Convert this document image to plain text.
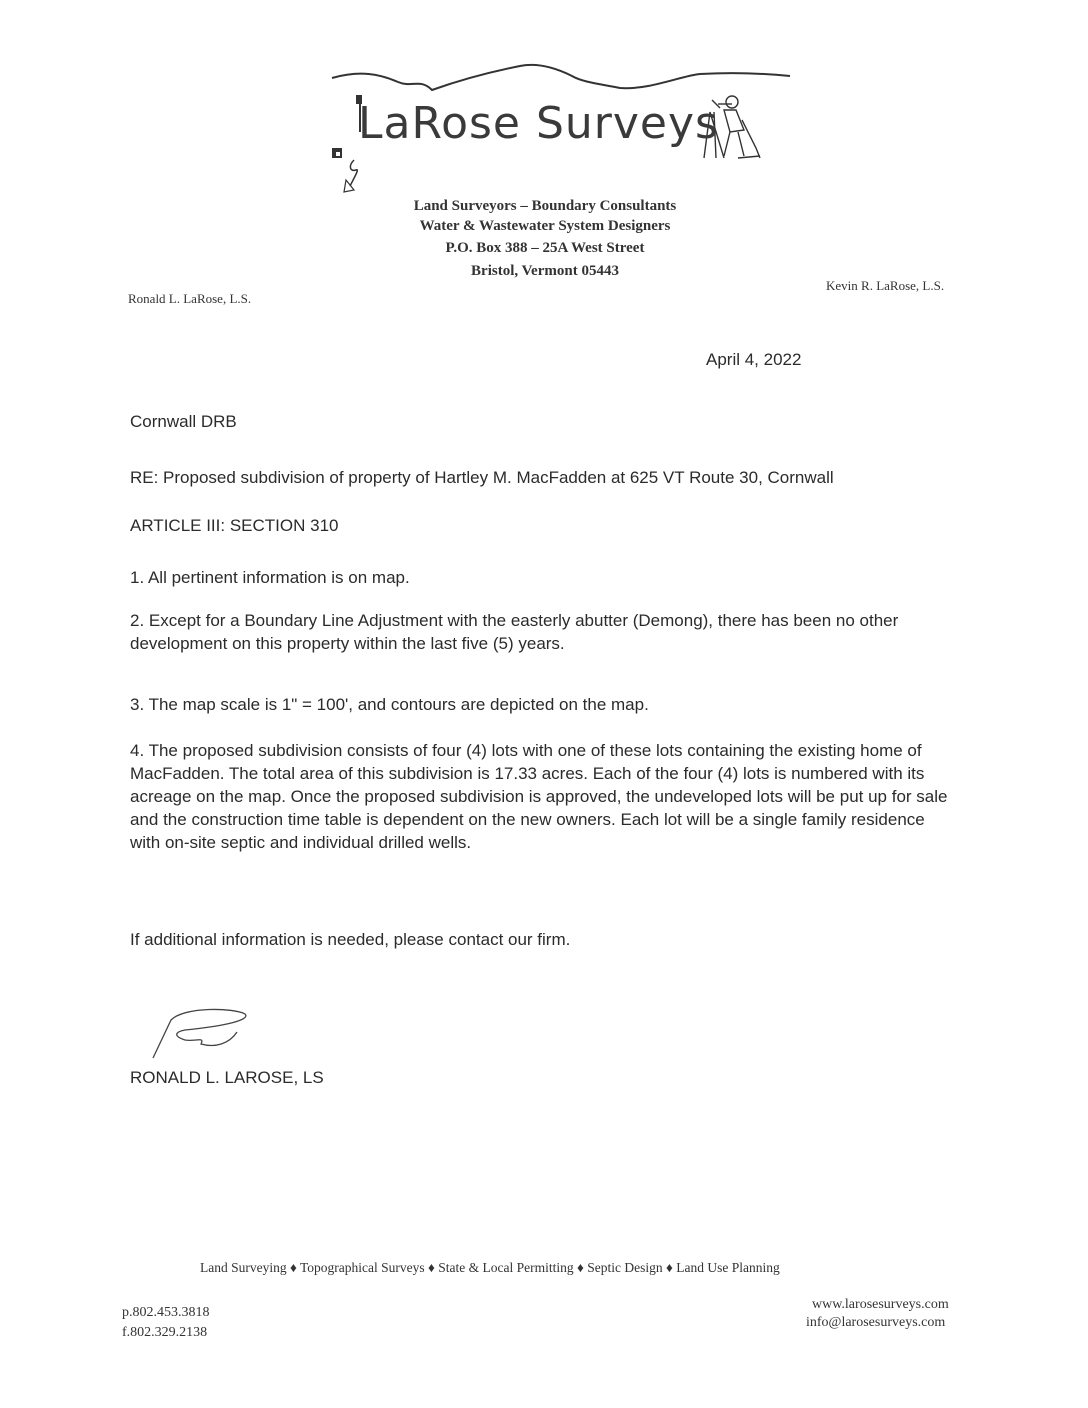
LaRose Surveys
Land Surveyors – Boundary Consultants
Water & Wastewater System Designers
P.O. Box 388 – 25A West Street
Bristol, Vermont 05443
Ronald L. LaRose, L.S.
Kevin R. LaRose, L.S.
April 4, 2022
Cornwall DRB
RE: Proposed subdivision of property of Hartley M. MacFadden at 625 VT Route 30, Cornwall
ARTICLE III: SECTION 310
1. All pertinent information is on map.
2. Except for a Boundary Line Adjustment with the easterly abutter (Demong), there has been no other development on this property within the last five (5) years.
3. The map scale is 1" = 100', and contours are depicted on the map.
4. The proposed subdivision consists of four (4) lots with one of these lots containing the existing home of MacFadden. The total area of this subdivision is 17.33 acres. Each of the four (4) lots is numbered with its acreage on the map. Once the proposed subdivision is approved, the undeveloped lots will be put up for sale and the construction time table is dependent on the new owners. Each lot will be a single family residence with on-site septic and individual drilled wells.
If additional information is needed, please contact our firm.
RONALD L. LAROSE, LS
Land Surveying ♦ Topographical Surveys ♦ State & Local Permitting ♦ Septic Design ♦ Land Use Planning
p.802.453.3818
f.802.329.2138
www.larosesurveys.com
info@larosesurveys.com
